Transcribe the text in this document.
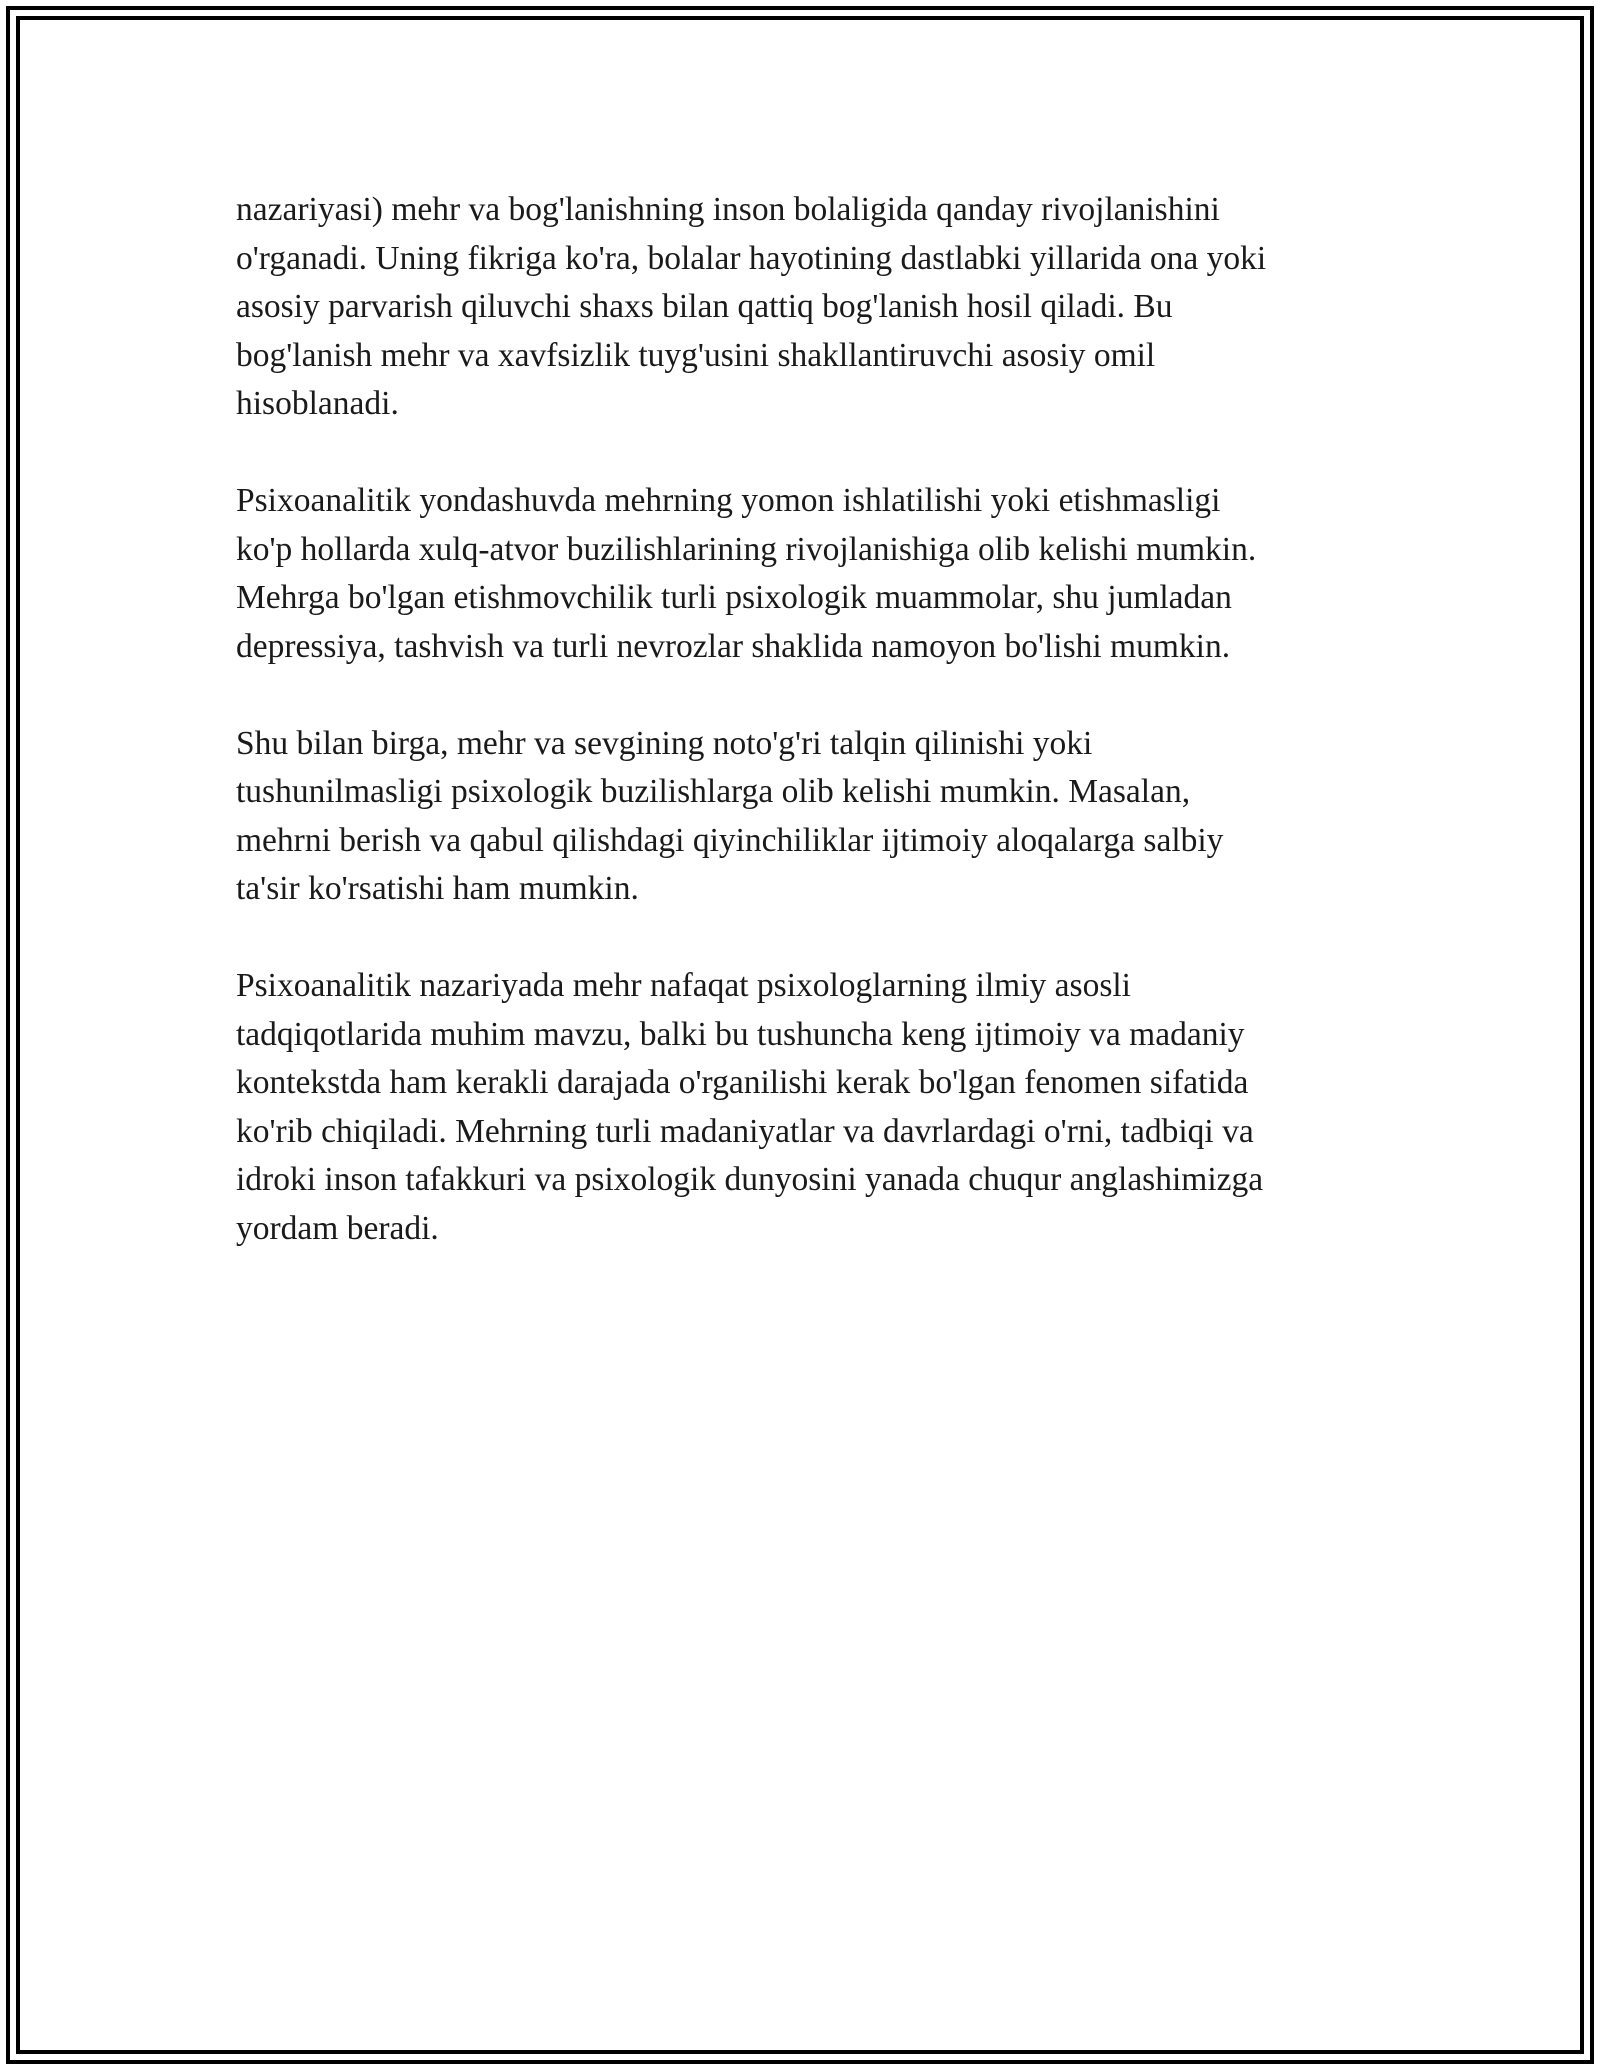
nazariyasi) mehr va bog'lanishning inson bolaligida qanday rivojlanishini
o'rganadi. Uning fikriga ko'ra, bolalar hayotining dastlabki yillarida ona yoki
asosiy parvarish qiluvchi shaxs bilan qattiq bog'lanish hosil qiladi. Bu
bog'lanish mehr va xavfsizlik tuyg'usini shakllantiruvchi asosiy omil
hisoblanadi.

Psixoanalitik yondashuvda mehrning yomon ishlatilishi yoki etishmasligi
ko'p hollarda xulq-atvor buzilishlarining rivojlanishiga olib kelishi mumkin.
Mehrga bo'lgan etishmovchilik turli psixologik muammolar, shu jumladan
depressiya, tashvish va turli nevrozlar shaklida namoyon bo'lishi mumkin.

Shu bilan birga, mehr va sevgining noto'g'ri talqin qilinishi yoki
tushunilmasligi psixologik buzilishlarga olib kelishi mumkin. Masalan,
mehrni berish va qabul qilishdagi qiyinchiliklar ijtimoiy aloqalarga salbiy
ta'sir ko'rsatishi ham mumkin.

Psixoanalitik nazariyada mehr nafaqat psixologlarning ilmiy asosli
tadqiqotlarida muhim mavzu, balki bu tushuncha keng ijtimoiy va madaniy
kontekstda ham kerakli darajada o'rganilishi kerak bo'lgan fenomen sifatida
ko'rib chiqiladi. Mehrning turli madaniyatlar va davrlardagi o'rni, tadbiqi va
idroki inson tafakkuri va psixologik dunyosini yanada chuqur anglashimizga
yordam beradi.
